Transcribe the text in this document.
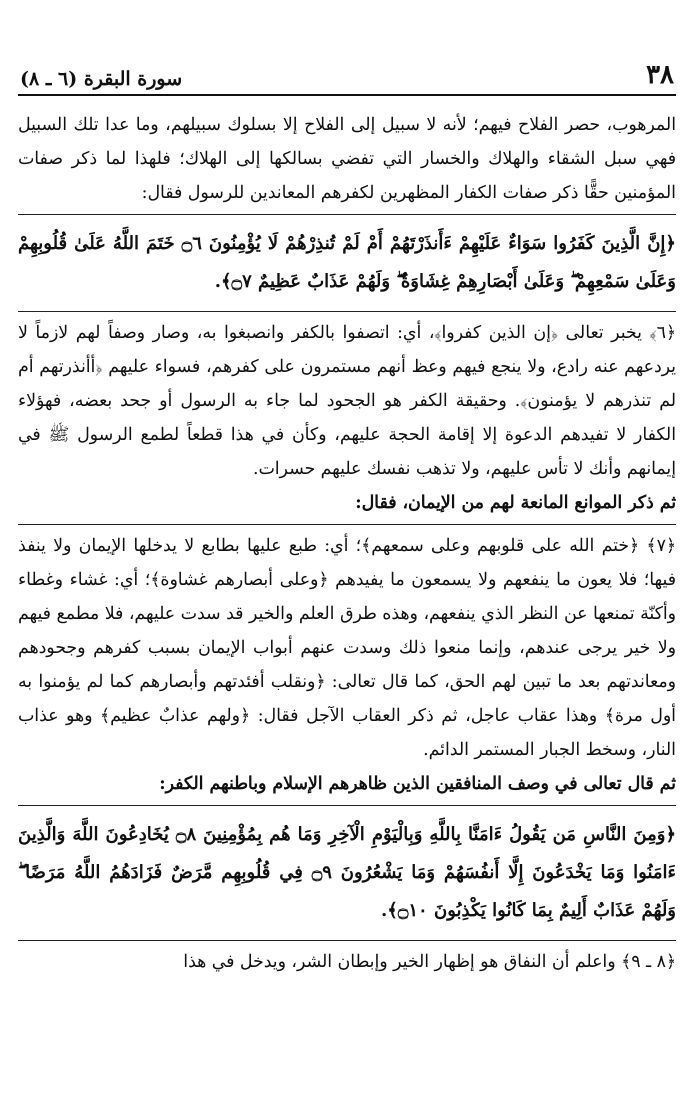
٣٨
سورة البقرة (٦ ـ ٨)

المرهوب، حصر الفلاح فيهم؛ لأنه لا سبيل إلى الفلاح إلا بسلوك سبيلهم، وما عدا تلك السبيل فهي سبل الشقاء والهلاك والخسار التي تفضي بسالكها إلى الهلاك؛ فلهذا لما ذكر صفات المؤمنين حقًّا ذكر صفات الكفار المظهرين لكفرهم المعاندين للرسول فقال:

﴿إِنَّ الَّذِينَ كَفَرُوا سَوَاءٌ عَلَيْهِمْ ءَأَنذَرْتَهُمْ أَمْ لَمْ تُنذِرْهُمْ لَا يُؤْمِنُونَ ۝٦ خَتَمَ اللَّهُ عَلَىٰ قُلُوبِهِمْ وَعَلَىٰ سَمْعِهِمْ ۖ وَعَلَىٰ أَبْصَارِهِمْ غِشَاوَةٌ ۖ وَلَهُمْ عَذَابٌ عَظِيمٌ ۝٧﴾.

﴿٦﴾ يخبر تعالى ﴿إن الذين كفروا﴾، أي: اتصفوا بالكفر وانصبغوا به، وصار وصفاً لهم لازماً لا يردعهم عنه رادع، ولا ينجع فيهم وعظ أنهم مستمرون على كفرهم، فسواء عليهم ﴿أأنذرتهم أم لم تنذرهم لا يؤمنون﴾. وحقيقة الكفر هو الجحود لما جاء به الرسول أو جحد بعضه، فهؤلاء الكفار لا تفيدهم الدعوة إلا إقامة الحجة عليهم، وكأن في هذا قطعاً لطمع الرسول ﷺ في إيمانهم وأنك لا تأس عليهم، ولا تذهب نفسك عليهم حسرات.

ثم ذكر الموانع المانعة لهم من الإيمان، فقال:

﴿٧﴾ ﴿ختم الله على قلوبهم وعلى سمعهم﴾؛ أي: طبع عليها بطابع لا يدخلها الإيمان ولا ينفذ فيها؛ فلا يعون ما ينفعهم ولا يسمعون ما يفيدهم ﴿وعلى أبصارهم غشاوة﴾؛ أي: غشاء وغطاء وأكنّة تمنعها عن النظر الذي ينفعهم، وهذه طرق العلم والخير قد سدت عليهم، فلا مطمع فيهم ولا خير يرجى عندهم، وإنما منعوا ذلك وسدت عنهم أبواب الإيمان بسبب كفرهم وجحودهم ومعاندتهم بعد ما تبين لهم الحق، كما قال تعالى: ﴿ونقلب أفئدتهم وأبصارهم كما لم يؤمنوا به أول مرة﴾ وهذا عقاب عاجل، ثم ذكر العقاب الآجل فقال: ﴿ولهم عذابٌ عظيم﴾ وهو عذاب النار، وسخط الجبار المستمر الدائم.

ثم قال تعالى في وصف المنافقين الذين ظاهرهم الإسلام وباطنهم الكفر:

﴿وَمِنَ النَّاسِ مَن يَقُولُ ءَامَنَّا بِاللَّهِ وَبِالْيَوْمِ الْآخِرِ وَمَا هُم بِمُؤْمِنِينَ ۝٨ يُخَادِعُونَ اللَّهَ وَالَّذِينَ ءَامَنُوا وَمَا يَخْدَعُونَ إِلَّا أَنفُسَهُمْ وَمَا يَشْعُرُونَ ۝٩ فِي قُلُوبِهِم مَّرَضٌ فَزَادَهُمُ اللَّهُ مَرَضًا ۖ وَلَهُمْ عَذَابٌ أَلِيمٌ بِمَا كَانُوا يَكْذِبُونَ ۝١٠﴾.

﴿٨ ـ ٩﴾ واعلم أن النفاق هو إظهار الخير وإبطان الشر، ويدخل في هذا
